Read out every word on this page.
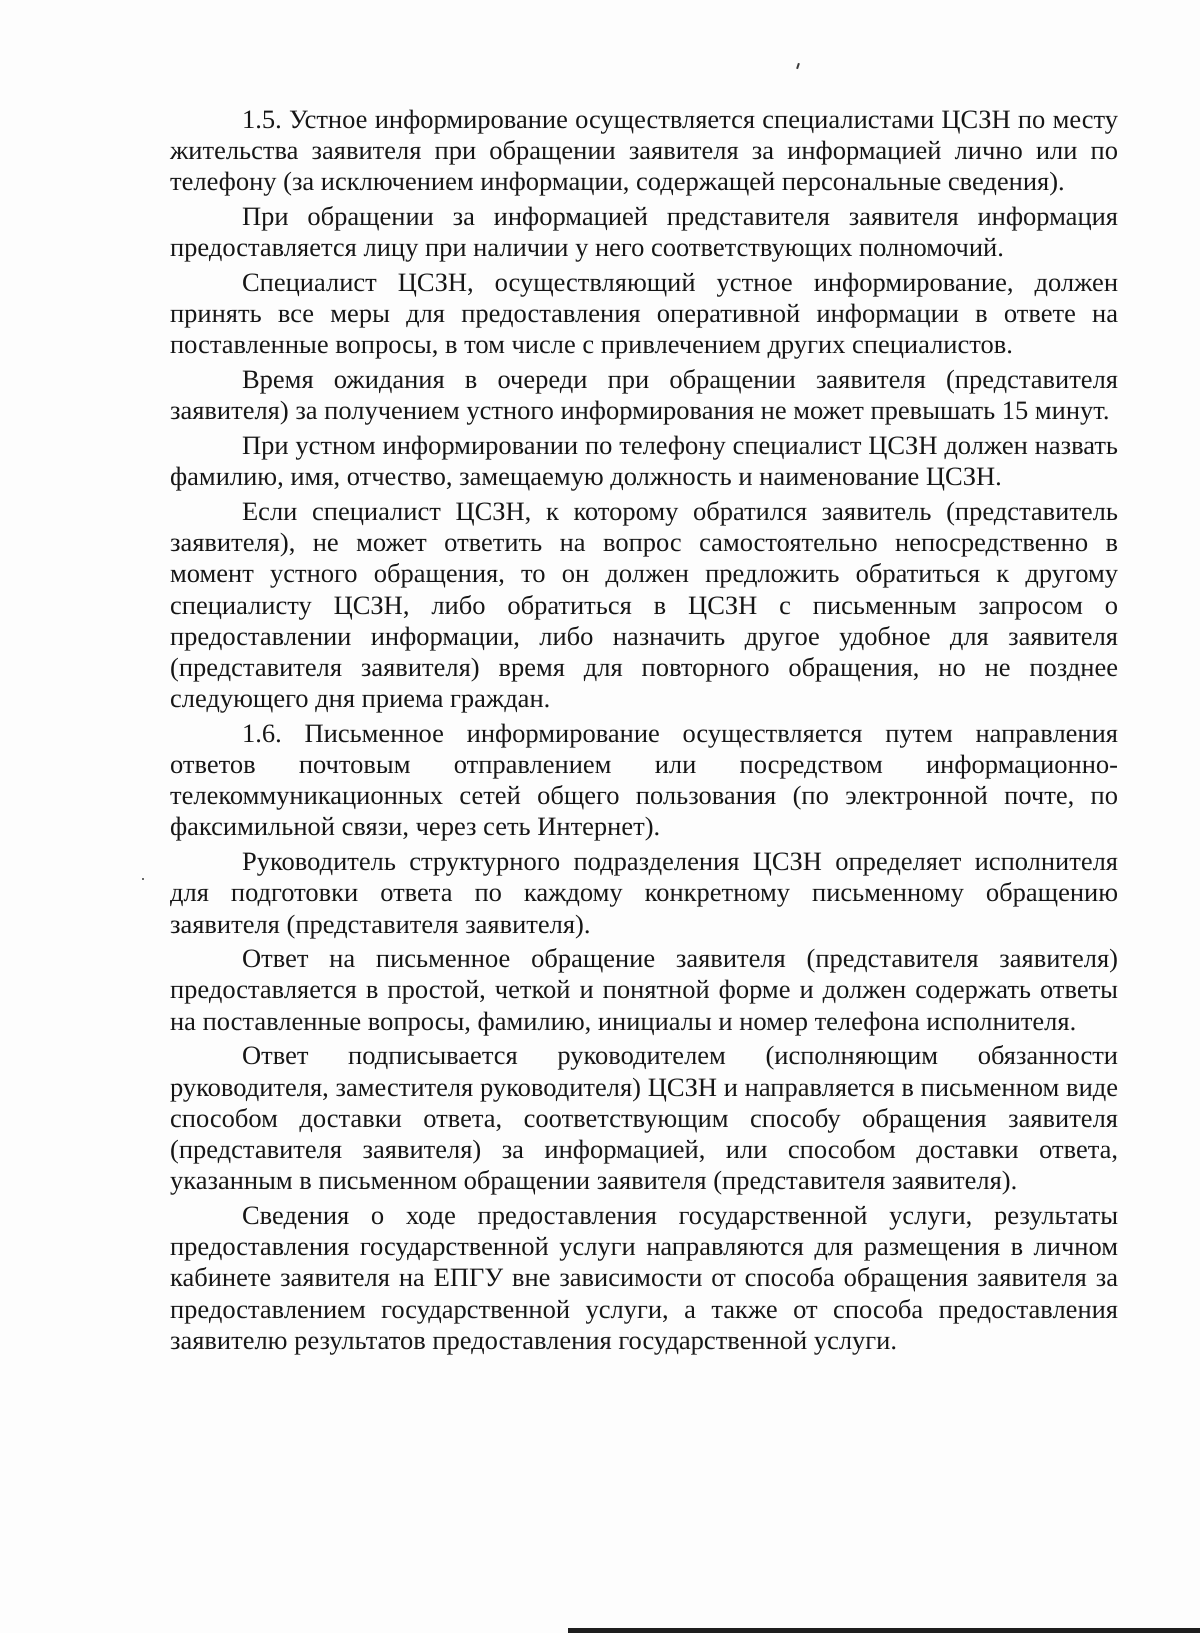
1.5. Устное информирование осуществляется специалистами ЦСЗН по месту жительства заявителя при обращении заявителя за информацией лично или по телефону (за исключением информации, содержащей персональные сведения).

При обращении за информацией представителя заявителя информация предоставляется лицу при наличии у него соответствующих полномочий.

Специалист ЦСЗН, осуществляющий устное информирование, должен принять все меры для предоставления оперативной информации в ответе на поставленные вопросы, в том числе с привлечением других специалистов.

Время ожидания в очереди при обращении заявителя (представителя заявителя) за получением устного информирования не может превышать 15 минут.

При устном информировании по телефону специалист ЦСЗН должен назвать фамилию, имя, отчество, замещаемую должность и наименование ЦСЗН.

Если специалист ЦСЗН, к которому обратился заявитель (представитель заявителя), не может ответить на вопрос самостоятельно непосредственно в момент устного обращения, то он должен предложить обратиться к другому специалисту ЦСЗН, либо обратиться в ЦСЗН с письменным запросом о предоставлении информации, либо назначить другое удобное для заявителя (представителя заявителя) время для повторного обращения, но не позднее следующего дня приема граждан.

1.6. Письменное информирование осуществляется путем направления ответов почтовым отправлением или посредством информационно-телекоммуникационных сетей общего пользования (по электронной почте, по факсимильной связи, через сеть Интернет).

Руководитель структурного подразделения ЦСЗН определяет исполнителя для подготовки ответа по каждому конкретному письменному обращению заявителя (представителя заявителя).

Ответ на письменное обращение заявителя (представителя заявителя) предоставляется в простой, четкой и понятной форме и должен содержать ответы на поставленные вопросы, фамилию, инициалы и номер телефона исполнителя.

Ответ подписывается руководителем (исполняющим обязанности руководителя, заместителя руководителя) ЦСЗН и направляется в письменном виде способом доставки ответа, соответствующим способу обращения заявителя (представителя заявителя) за информацией, или способом доставки ответа, указанным в письменном обращении заявителя (представителя заявителя).

Сведения о ходе предоставления государственной услуги, результаты предоставления государственной услуги направляются для размещения в личном кабинете заявителя на ЕПГУ вне зависимости от способа обращения заявителя за предоставлением государственной услуги, а также от способа предоставления заявителю результатов предоставления государственной услуги.
